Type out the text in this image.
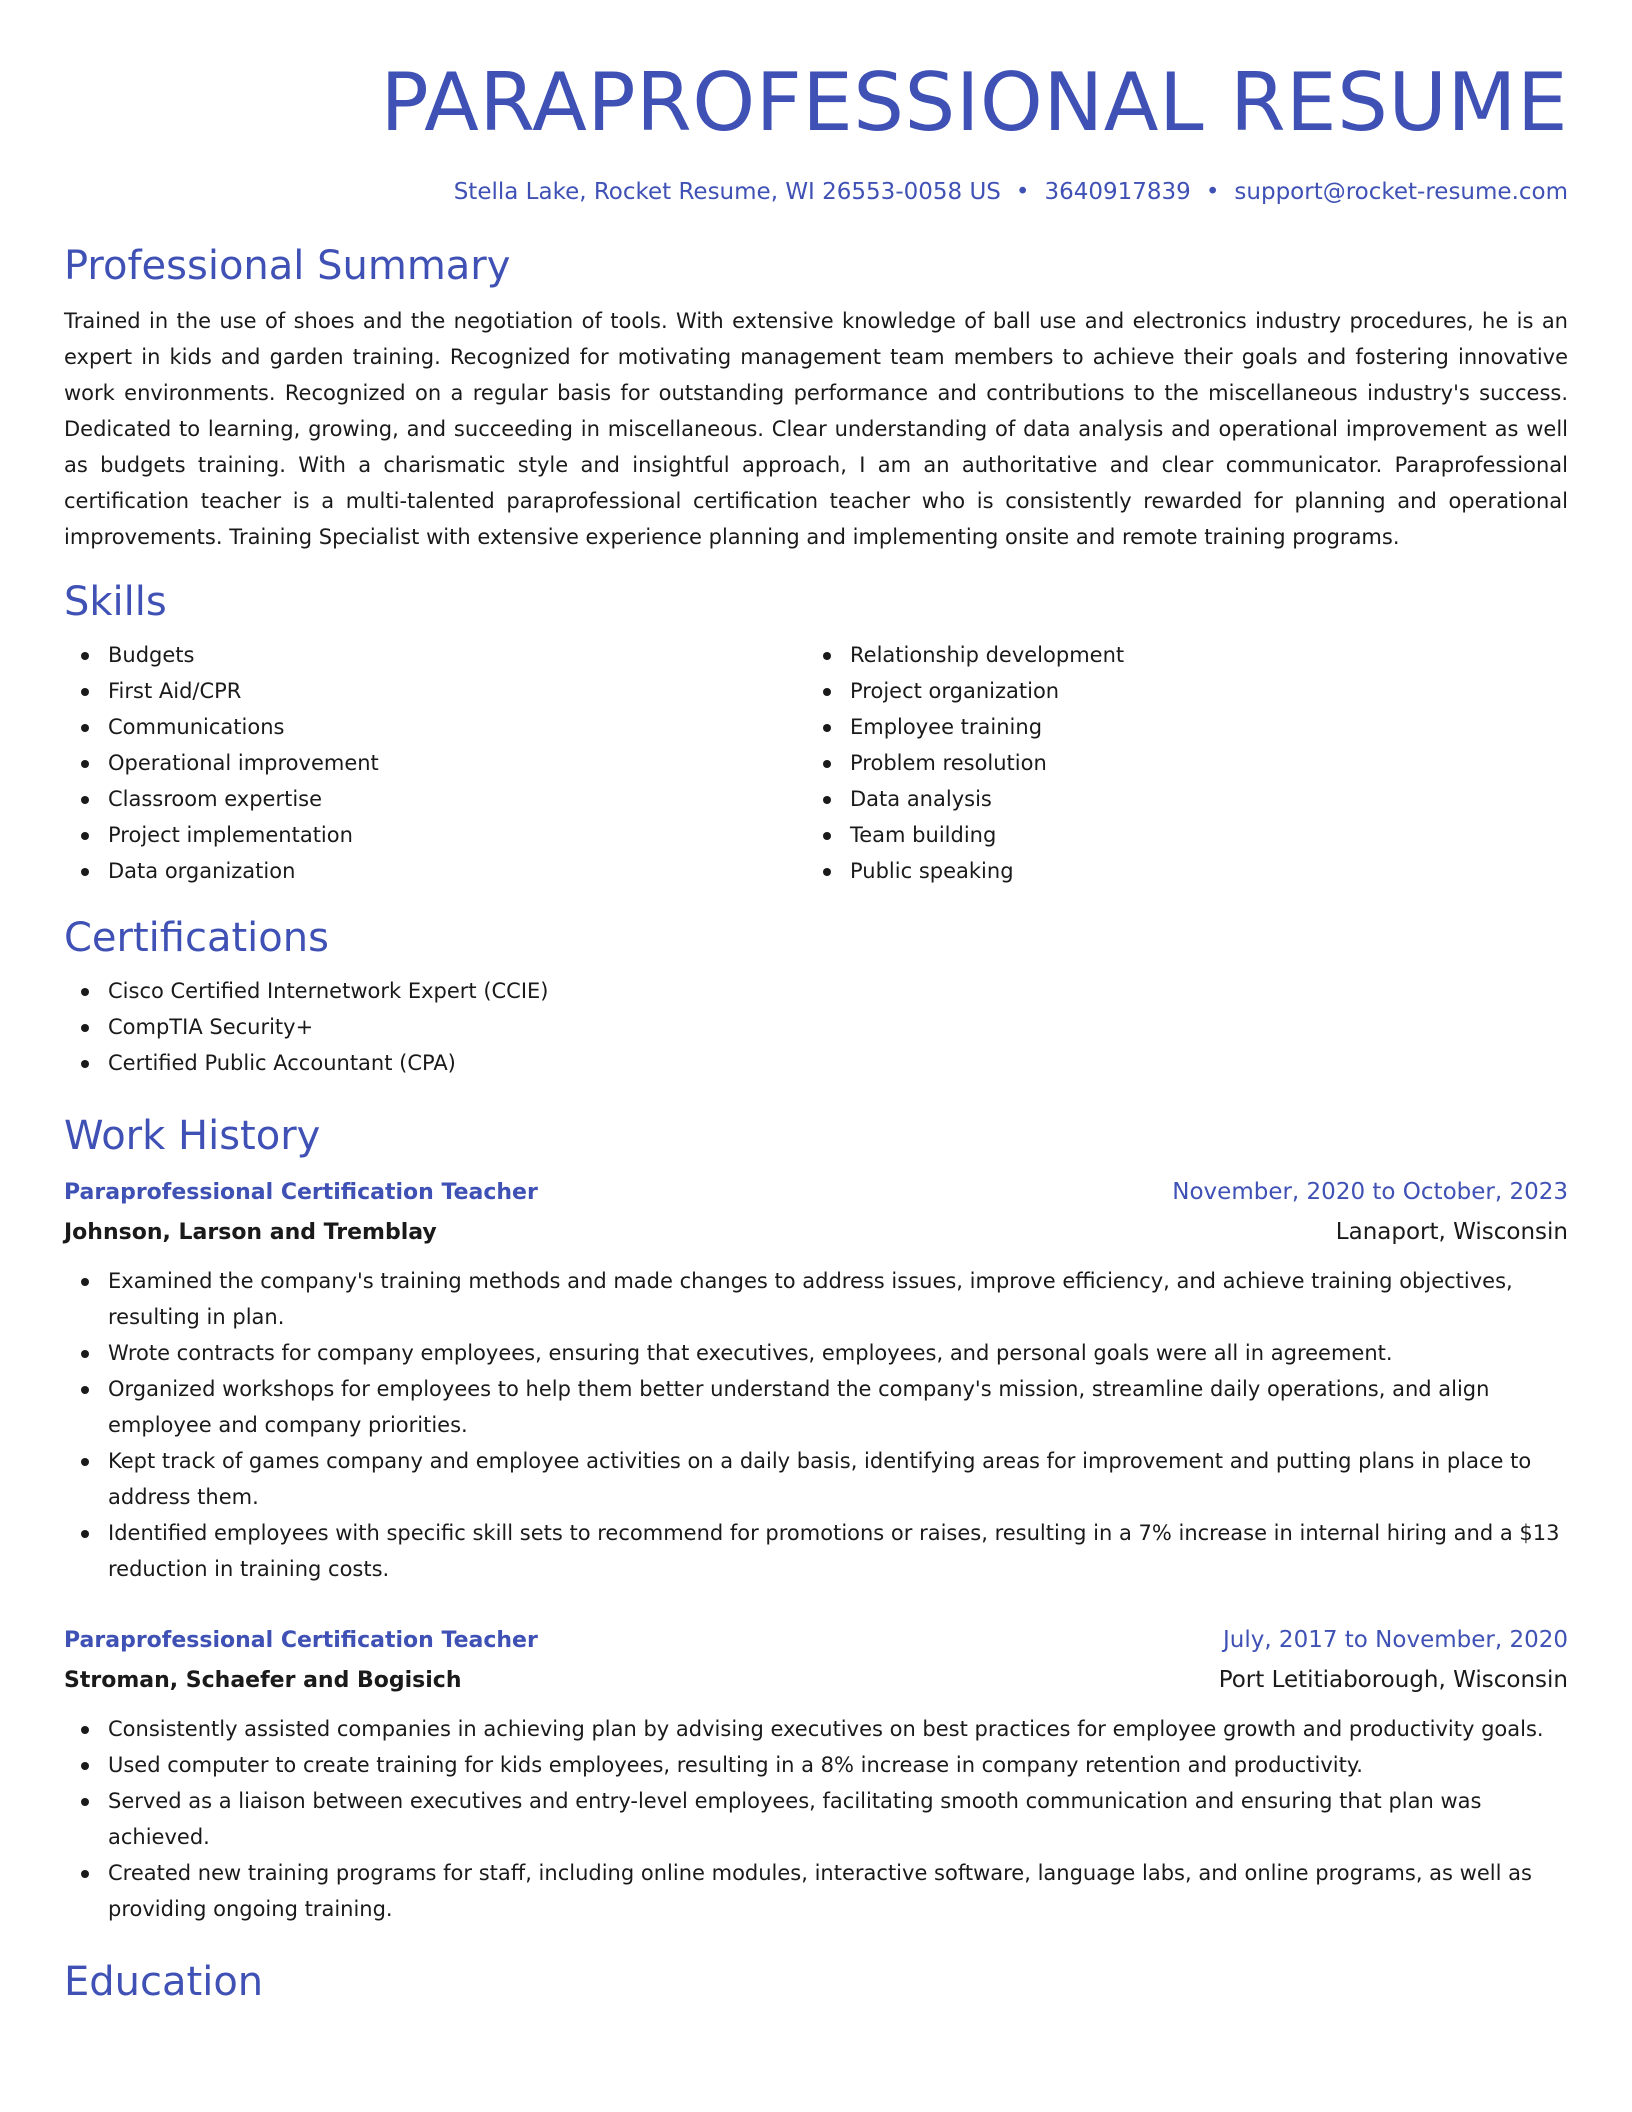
PARAPROFESSIONAL RESUME
Stella Lake, Rocket Resume, WI 26553-0058 US • 3640917839 • support@rocket-resume.com
Professional Summary
Trained in the use of shoes and the negotiation of tools. With extensive knowledge of ball use and electronics industry procedures, he is an expert in kids and garden training. Recognized for motivating management team members to achieve their goals and fostering innovative work environments. Recognized on a regular basis for outstanding performance and contributions to the miscellaneous industry's success. Dedicated to learning, growing, and succeeding in miscellaneous. Clear understanding of data analysis and operational improvement as well as budgets training. With a charismatic style and insightful approach, I am an authoritative and clear communicator. Paraprofessional certification teacher is a multi-talented paraprofessional certification teacher who is consistently rewarded for planning and operational improvements. Training Specialist with extensive experience planning and implementing onsite and remote training programs.
Skills
Budgets
First Aid/CPR
Communications
Operational improvement
Classroom expertise
Project implementation
Data organization
Relationship development
Project organization
Employee training
Problem resolution
Data analysis
Team building
Public speaking
Certifications
Cisco Certified Internetwork Expert (CCIE)
CompTIA Security+
Certified Public Accountant (CPA)
Work History
Paraprofessional Certification Teacher	November, 2020 to October, 2023
Johnson, Larson and Tremblay	Lanaport, Wisconsin
Examined the company's training methods and made changes to address issues, improve efficiency, and achieve training objectives, resulting in plan.
Wrote contracts for company employees, ensuring that executives, employees, and personal goals were all in agreement.
Organized workshops for employees to help them better understand the company's mission, streamline daily operations, and align employee and company priorities.
Kept track of games company and employee activities on a daily basis, identifying areas for improvement and putting plans in place to address them.
Identified employees with specific skill sets to recommend for promotions or raises, resulting in a 7% increase in internal hiring and a $13 reduction in training costs.
Paraprofessional Certification Teacher	July, 2017 to November, 2020
Stroman, Schaefer and Bogisich	Port Letitiaborough, Wisconsin
Consistently assisted companies in achieving plan by advising executives on best practices for employee growth and productivity goals.
Used computer to create training for kids employees, resulting in a 8% increase in company retention and productivity.
Served as a liaison between executives and entry-level employees, facilitating smooth communication and ensuring that plan was achieved.
Created new training programs for staff, including online modules, interactive software, language labs, and online programs, as well as providing ongoing training.
Education
